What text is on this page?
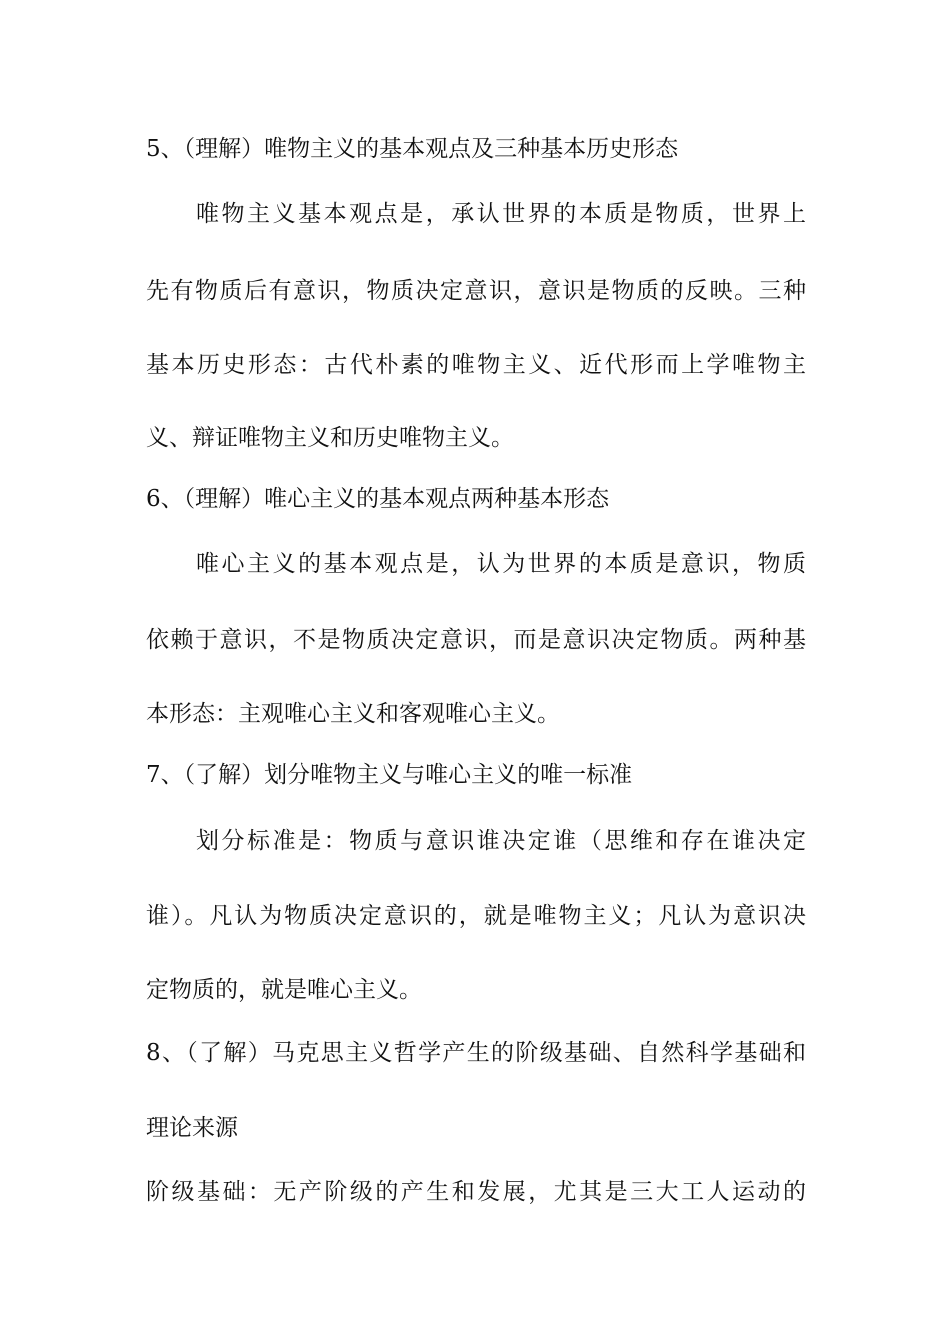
5、（理解）唯物主义的基本观点及三种基本历史形态
唯物主义基本观点是，承认世界的本质是物质，世界上
先有物质后有意识，物质决定意识，意识是物质的反映。三种
基本历史形态：古代朴素的唯物主义、近代形而上学唯物主
义、辩证唯物主义和历史唯物主义。
6、（理解）唯心主义的基本观点两种基本形态
唯心主义的基本观点是，认为世界的本质是意识，物质
依赖于意识，不是物质决定意识，而是意识决定物质。两种基
本形态：主观唯心主义和客观唯心主义。
7、（了解）划分唯物主义与唯心主义的唯一标准
划分标准是：物质与意识谁决定谁（思维和存在谁决定
谁）。凡认为物质决定意识的，就是唯物主义；凡认为意识决
定物质的，就是唯心主义。
8、（了解）马克思主义哲学产生的阶级基础、自然科学基础和
理论来源
阶级基础：无产阶级的产生和发展，尤其是三大工人运动的
